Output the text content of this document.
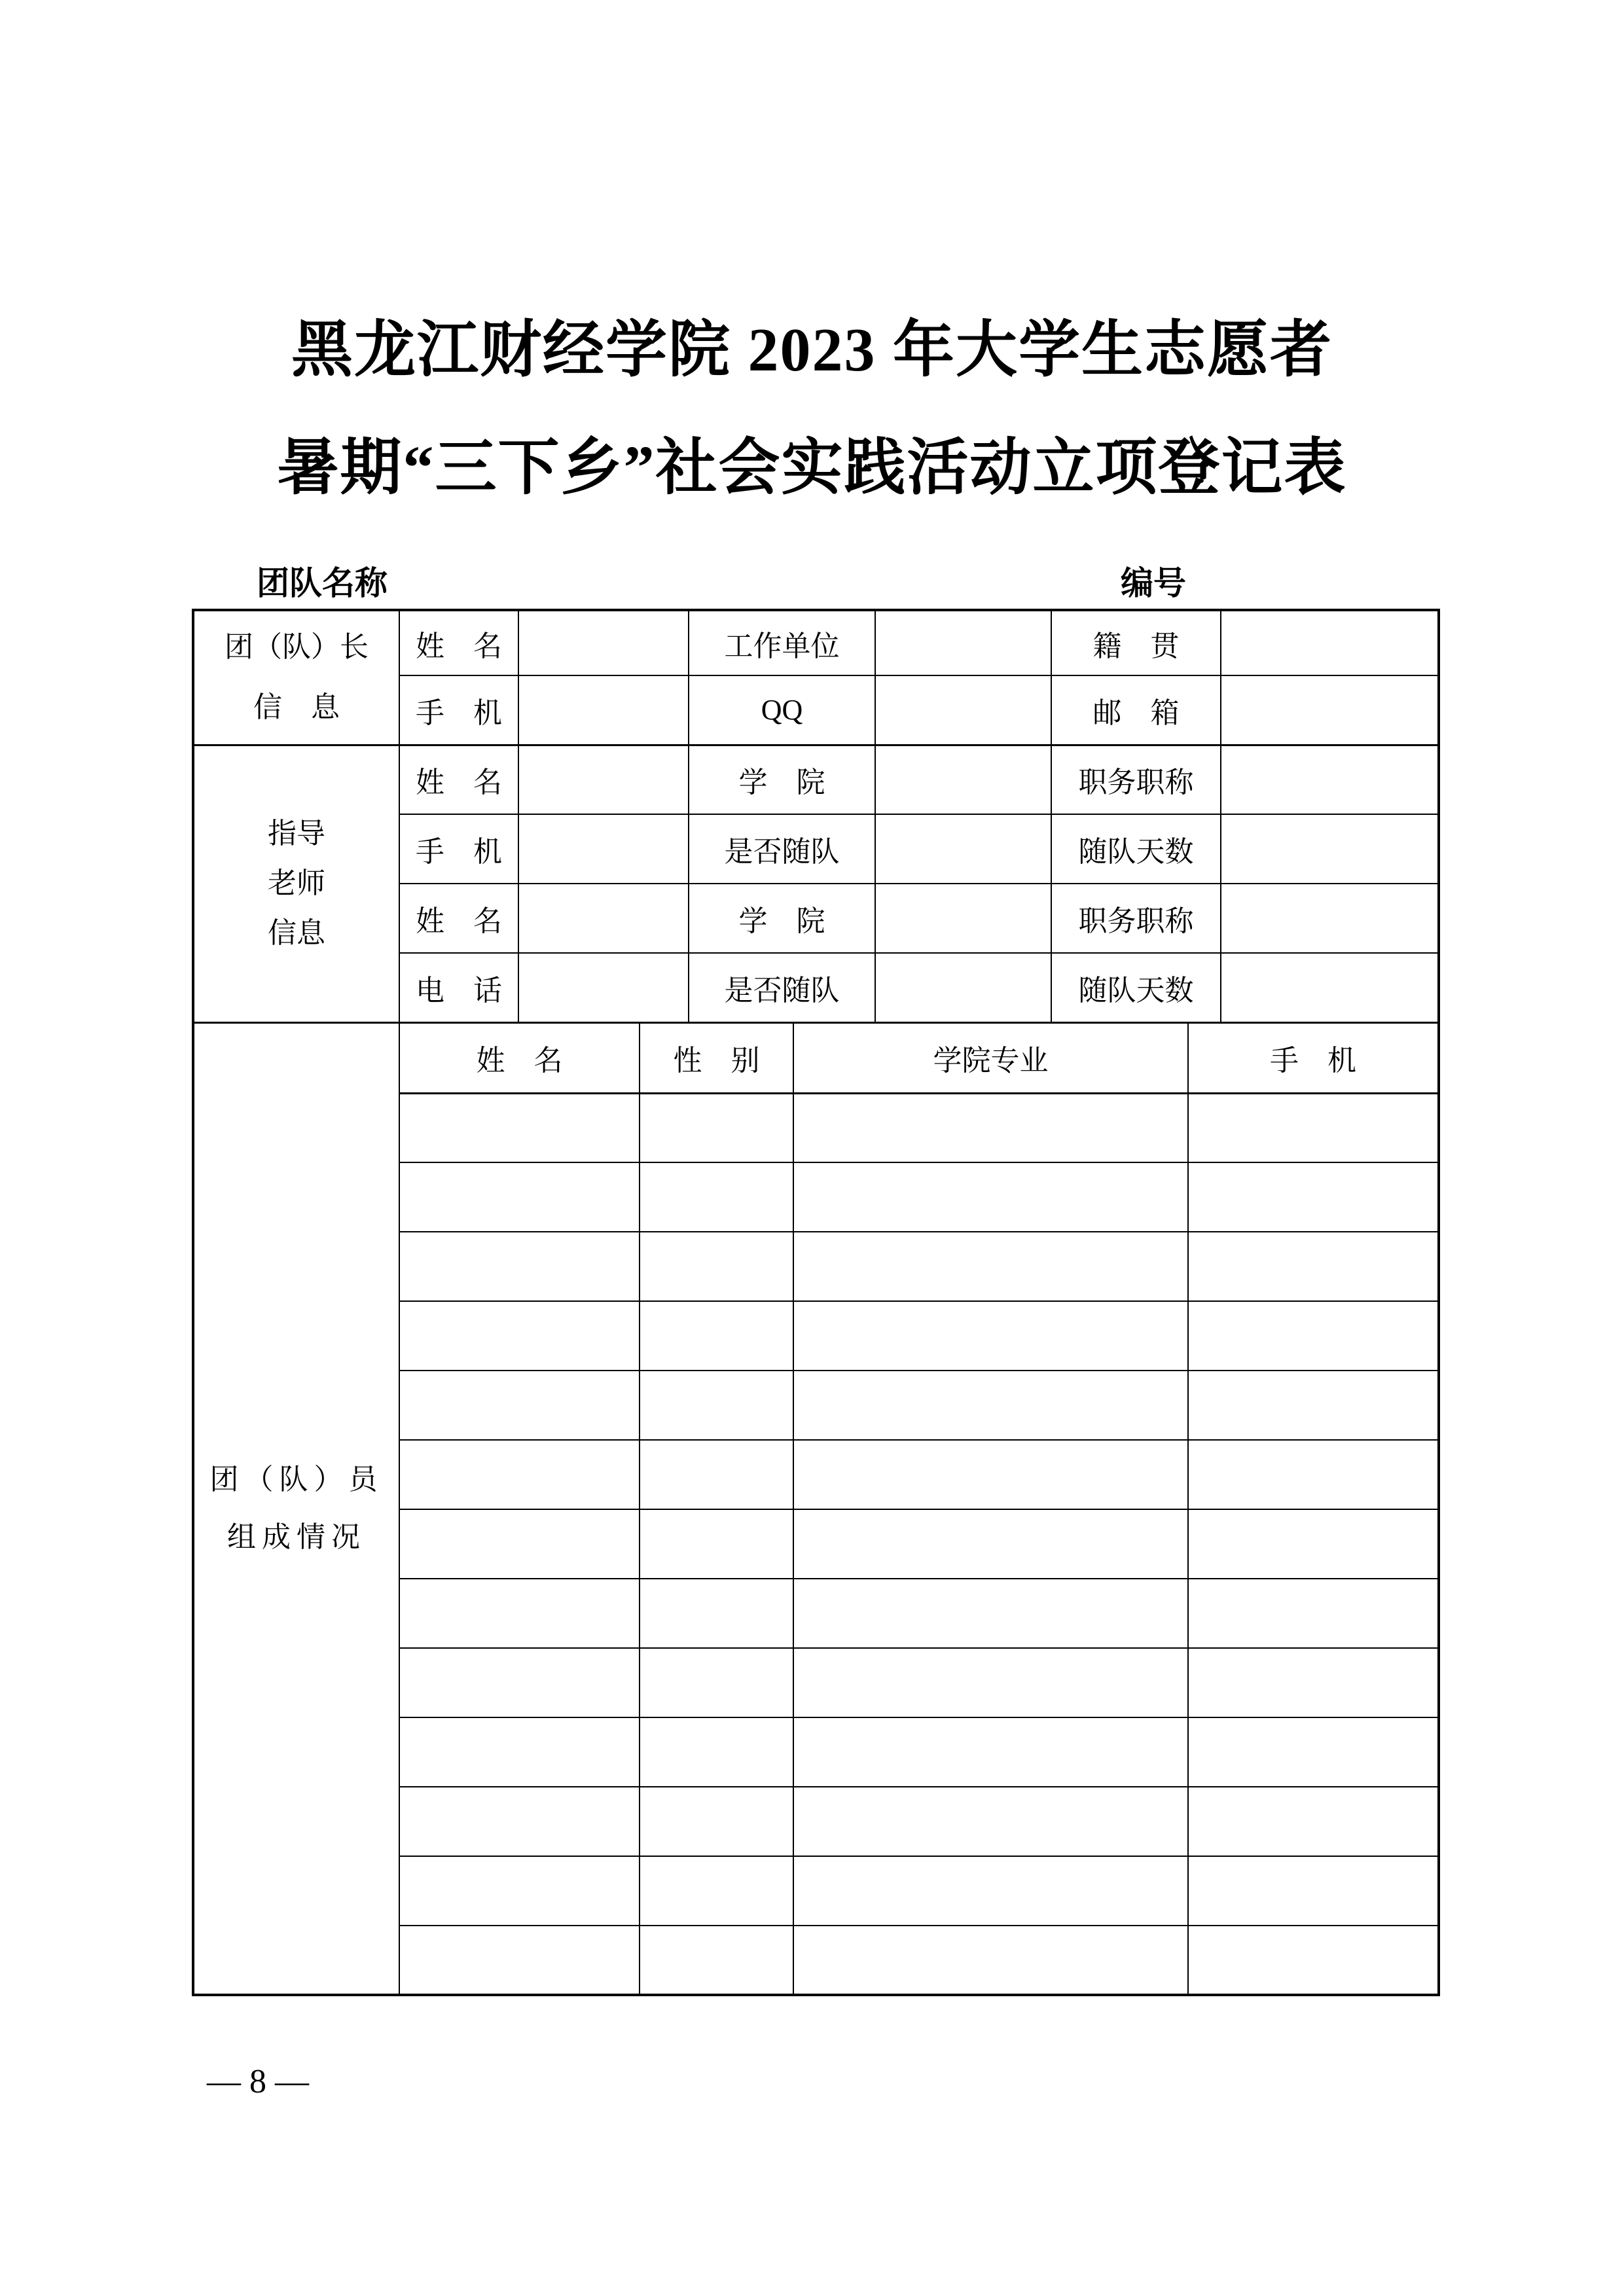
黑龙江财经学院 2023 年大学生志愿者
暑期“三下乡”社会实践活动立项登记表
团队名称	编号
团（队）长
信　息	姓　名			工作单位			籍　贯		
	手　机			QQ			邮　箱		

指导
老师
信息	姓　名			学　院			职务职称		
	手　机			是否随队			随队天数		
	姓　名			学　院			职务职称		
	电　话			是否随队			随队天数		

团（队）员
组成情况	姓　名		性　别		学院专业			手　机	

— 8 —
